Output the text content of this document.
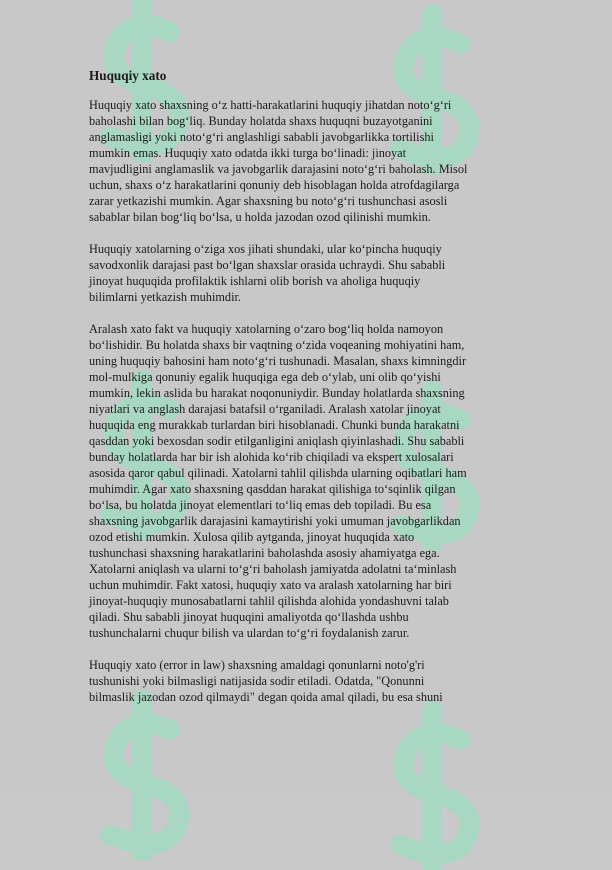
Huquqiy xato
Huquqiy xato shaxsning o‘z hatti-harakatlarini huquqiy jihatdan noto‘g‘ri
baholashi bilan bog‘liq. Bunday holatda shaxs huquqni buzayotganini
anglamasligi yoki noto‘g‘ri anglashligi sababli javobgarlikka tortilishi
mumkin emas. Huquqiy xato odatda ikki turga bo‘linadi: jinoyat
mavjudligini anglamaslik va javobgarlik darajasini noto‘g‘ri baholash. Misol
uchun, shaxs o‘z harakatlarini qonuniy deb hisoblagan holda atrofdagilarga
zarar yetkazishi mumkin. Agar shaxsning bu noto‘g‘ri tushunchasi asosli
sabablar bilan bog‘liq bo‘lsa, u holda jazodan ozod qilinishi mumkin.
Huquqiy xatolarning o‘ziga xos jihati shundaki, ular ko‘pincha huquqiy
savodxonlik darajasi past bo‘lgan shaxslar orasida uchraydi. Shu sababli
jinoyat huquqida profilaktik ishlarni olib borish va aholiga huquqiy
bilimlarni yetkazish muhimdir.
Aralash xato fakt va huquqiy xatolarning o‘zaro bog‘liq holda namoyon
bo‘lishidir. Bu holatda shaxs bir vaqtning o‘zida voqeaning mohiyatini ham,
uning huquqiy bahosini ham noto‘g‘ri tushunadi. Masalan, shaxs kimningdir
mol-mulkiga qonuniy egalik huquqiga ega deb o‘ylab, uni olib qo‘yishi
mumkin, lekin aslida bu harakat noqonuniydir. Bunday holatlarda shaxsning
niyatlari va anglash darajasi batafsil o‘rganiladi. Aralash xatolar jinoyat
huquqida eng murakkab turlardan biri hisoblanadi. Chunki bunda harakatni
qasddan yoki bexosdan sodir etilganligini aniqlash qiyinlashadi. Shu sababli
bunday holatlarda har bir ish alohida ko‘rib chiqiladi va ekspert xulosalari
asosida qaror qabul qilinadi. Xatolarni tahlil qilishda ularning oqibatlari ham
muhimdir. Agar xato shaxsning qasddan harakat qilishiga to‘sqinlik qilgan
bo‘lsa, bu holatda jinoyat elementlari to‘liq emas deb topiladi. Bu esa
shaxsning javobgarlik darajasini kamaytirishi yoki umuman javobgarlikdan
ozod etishi mumkin. Xulosa qilib aytganda, jinoyat huquqida xato
tushunchasi shaxsning harakatlarini baholashda asosiy ahamiyatga ega.
Xatolarni aniqlash va ularni to‘g‘ri baholash jamiyatda adolatni ta‘minlash
uchun muhimdir. Fakt xatosi, huquqiy xato va aralash xatolarning har biri
jinoyat-huquqiy munosabatlarni tahlil qilishda alohida yondashuvni talab
qiladi. Shu sababli jinoyat huquqini amaliyotda qo‘llashda ushbu
tushunchalarni chuqur bilish va ulardan to‘g‘ri foydalanish zarur.
Huquqiy xato (error in law) shaxsning amaldagi qonunlarni noto'g'ri
tushunishi yoki bilmasligi natijasida sodir etiladi. Odatda, "Qonunni
bilmaslik jazodan ozod qilmaydi" degan qoida amal qiladi, bu esa shuni
